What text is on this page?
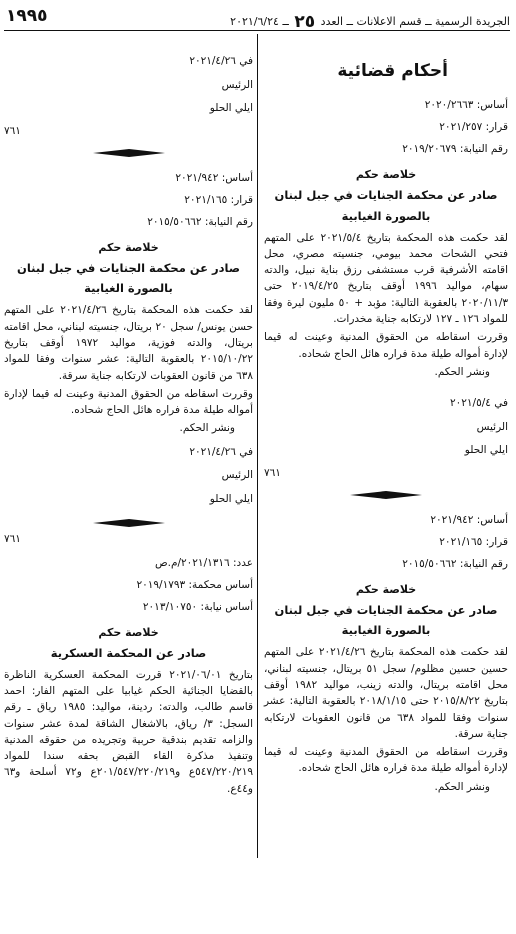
١٩٩٥	الجريدة الرسمية ــ قسم الاعلانات ــ العدد ٢٥ ــ ٢٠٢١/٦/٢٤
أحكام قضائية
أساس: ٢٠٢٠/٢٦٦٣
قرار: ٢٠٢١/٢٥٧
رقم النيابة: ٢٠١٩/٢٠٦٧٩
خلاصة حكم
صادر عن محكمة الجنايات في جبل لبنان
بالصورة الغيابية

لقد حكمت هذه المحكمة بتاريخ ٢٠٢١/٥/٤ على المتهم فتحي الشحات محمد بيومي، جنسيته مصري، محل اقامته الأشرفية قرب مستشفى رزق بناية نبيل، والدته سهام، مواليد ١٩٩٦ أوقف بتاريخ ٢٠١٩/٤/٢٥ حتى ٢٠٢٠/١١/٣ بالعقوبة التالية: مؤبد + ٥٠ مليون ليرة وفقا للمواد ١٢٦ ـ ١٢٧ لارتكابه جناية مخدرات.

وقررت اسقاطه من الحقوق المدنية وعينت له قيما لإدارة أمواله طيلة مدة فراره هائل الحاج شحاده.

ونشر الحكم.

في ٢٠٢١/٥/٤
الرئيس
ايلي الحلو
٧٦١
أساس: ٢٠٢١/٩٤٢
قرار: ٢٠٢١/١٦٥
رقم النيابة: ٢٠١٥/٥٠٦٦٢
خلاصة حكم
صادر عن محكمة الجنايات في جبل لبنان
بالصورة الغيابية

لقد حكمت هذه المحكمة بتاريخ ٢٠٢١/٤/٢٦ على المتهم حسين حسين مظلوم/ سجل ٥١ بريتال، جنسيته لبناني، محل اقامته بريتال، والدته زينب، مواليد ١٩٨٢ أوقف بتاريخ ٢٠١٥/٨/٢٢ حتى ٢٠١٨/١/١٥ بالعقوبة التالية: عشر سنوات وفقا للمواد ٦٣٨ من قانون العقوبات لارتكابه جناية سرقة.

وقررت اسقاطه من الحقوق المدنية وعينت له قيما لإدارة أمواله طيلة مدة فراره هائل الحاج شحاده.

ونشر الحكم.

في ٢٠٢١/٤/٢٦
الرئيس
ايلي الحلو
٧٦١
أساس: ٢٠٢١/٩٤٢
قرار: ٢٠٢١/١٦٥
رقم النيابة: ٢٠١٥/٥٠٦٦٢
خلاصة حكم
صادر عن محكمة الجنايات في جبل لبنان
بالصورة الغيابية

لقد حكمت هذه المحكمة بتاريخ ٢٠٢١/٤/٢٦ على المتهم حسن يونس/ سجل ٢٠ بريتال، جنسيته لبناني، محل اقامته بريتال، والدته فوزية، مواليد ١٩٧٢ أوقف بتاريخ ٢٠١٥/١٠/٢٢ بالعقوبة التالية: عشر سنوات وفقا للمواد ٦٣٨ من قانون العقوبات لارتكابه جناية سرقة.

وقررت اسقاطه من الحقوق المدنية وعينت له قيما لإدارة أمواله طيلة مدة فراره هائل الحاج شحاده.

ونشر الحكم.

في ٢٠٢١/٤/٢٦
الرئيس
ايلي الحلو
٧٦١
عدد: ٢٠٢١/١٣١٦/م.ص
أساس محكمة: ٢٠١٩/١٧٩٣
أساس نيابة: ٢٠١٣/١٠٧٥٠
خلاصة حكم
صادر عن المحكمة العسكرية

بتاريخ ٢٠٢١/٠٦/٠١ قررت المحكمة العسكرية الناظرة بالقضايا الجنائية الحكم غيابيا على المتهم الفار: احمد قاسم طالب، والدته: ردينة، مواليد: ١٩٨٥ رياق ـ رقم السجل: ٣/ رياق، بالاشغال الشاقة لمدة عشر سنوات والزامه تقديم بندقية حربية وتجريده من حقوقه المدنية وتنفيذ مذكرة القاء القبض بحقه سندا للمواد ٥٤٧/٢٢٠/٢١٩ع و٢٠١/٥٤٧/٢٢٠/٢١٩ع و٧٢ أسلحة و٦٣ و٤٤ع.
